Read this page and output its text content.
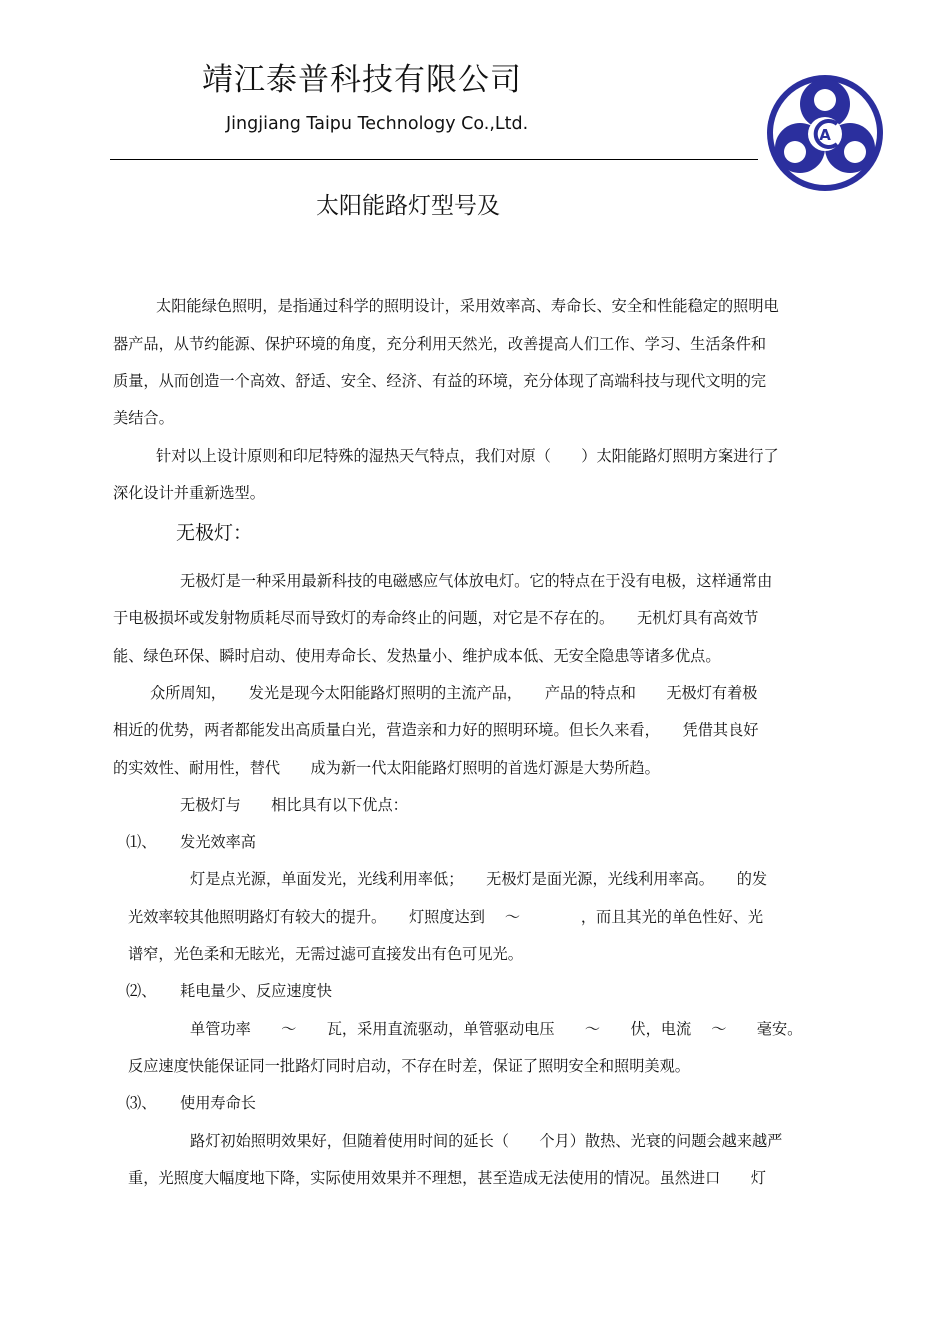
靖江泰普科技有限公司
Jingjiang Taipu Technology Co.,Ltd.
A
太阳能路灯型号及
太阳能绿色照明，是指通过科学的照明设计，采用效率高、寿命长、安全和性能稳定的照明电
器产品，从节约能源、保护环境的角度，充分利用天然光，改善提高人们工作、学习、生活条件和
质量，从而创造一个高效、舒适、安全、经济、有益的环境，充分体现了高端科技与现代文明的完
美结合。
针对以上设计原则和印尼特殊的湿热天气特点，我们对原（　　）太阳能路灯照明方案进行了
深化设计并重新选型。
无极灯：
无极灯是一种采用最新科技的电磁感应气体放电灯。它的特点在于没有电极，这样通常由
于电极损坏或发射物质耗尽而导致灯的寿命终止的问题，对它是不存在的。　　无机灯具有高效节
能、绿色环保、瞬时启动、使用寿命长、发热量小、维护成本低、无安全隐患等诸多优点。
众所周知，　　发光是现今太阳能路灯照明的主流产品，　　产品的特点和　　无极灯有着极
相近的优势，两者都能发出高质量白光，营造亲和力好的照明环境。但长久来看，　　凭借其良好
的实效性、耐用性，替代　　成为新一代太阳能路灯照明的首选灯源是大势所趋。
无极灯与　　相比具有以下优点：
⑴、 发光效率高
灯是点光源，单面发光，光线利用率低；　　无极灯是面光源，光线利用率高。　　的发
光效率较其他照明路灯有较大的提升。　　灯照度达到　 ～　　　　，而且其光的单色性好、光
谱窄，光色柔和无眩光，无需过滤可直接发出有色可见光。
⑵、 耗电量少、反应速度快
单管功率　　～　　瓦，采用直流驱动，单管驱动电压　　～　　伏，电流　 ～　　毫安。
反应速度快能保证同一批路灯同时启动，不存在时差，保证了照明安全和照明美观。
⑶、 使用寿命长
路灯初始照明效果好，但随着使用时间的延长（　　个月）散热、光衰的问题会越来越严
重，光照度大幅度地下降，实际使用效果并不理想，甚至造成无法使用的情况。虽然进口　　灯
